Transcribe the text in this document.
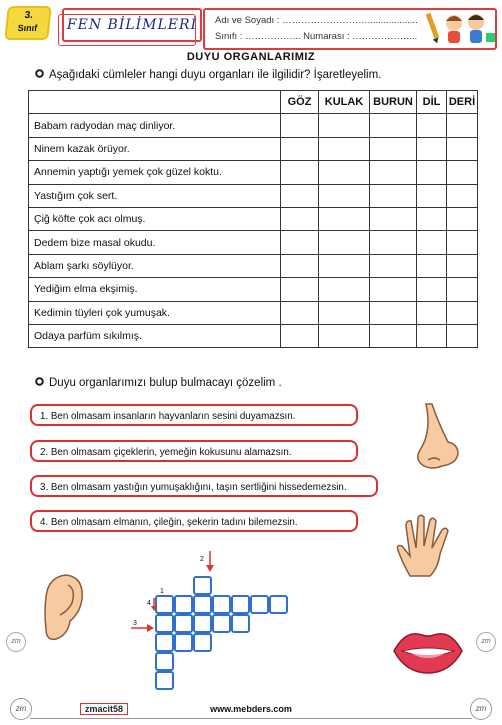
zm	zm
3.
Sınıf	FEN BİLİMLERİ	Adı ve Soyadı : ………………………...................
Sınıfı : ……………... Numarası : ………………...
DUYU ORGANLARIMIZ
Aşağıdaki cümleler hangi duyu organları ile ilgilidir? İşaretleyelim.
	GÖZ	KULAK	BURUN	DİL	DERİ
Babam radyodan maç dinliyor.					
Ninem kazak örüyor.					
Annemin yaptığı yemek çok güzel koktu.					
Yastığım çok sert.					
Çiğ köfte çok acı olmuş.					
Dedem bize masal okudu.					
Ablam şarkı söylüyor.					
Yediğim elma ekşimiş.					
Kedimin tüyleri çok yumuşak.					
Odaya parfüm sıkılmış.					
Duyu organlarımızı bulup bulmacayı çözelim .
1. Ben olmasam insanların hayvanların sesini duyamazsın.
2. Ben olmasam çiçeklerin, yemeğin kokusunu alamazsın.
3. Ben olmasam yastığın yumuşaklığını, taşın sertliğini hissedemezsin.
4. Ben olmasam elmanın, çileğin, şekerin tadını bilemezsin.
2
1
4
3
zm	zm
zmacit58	www.mebders.com
